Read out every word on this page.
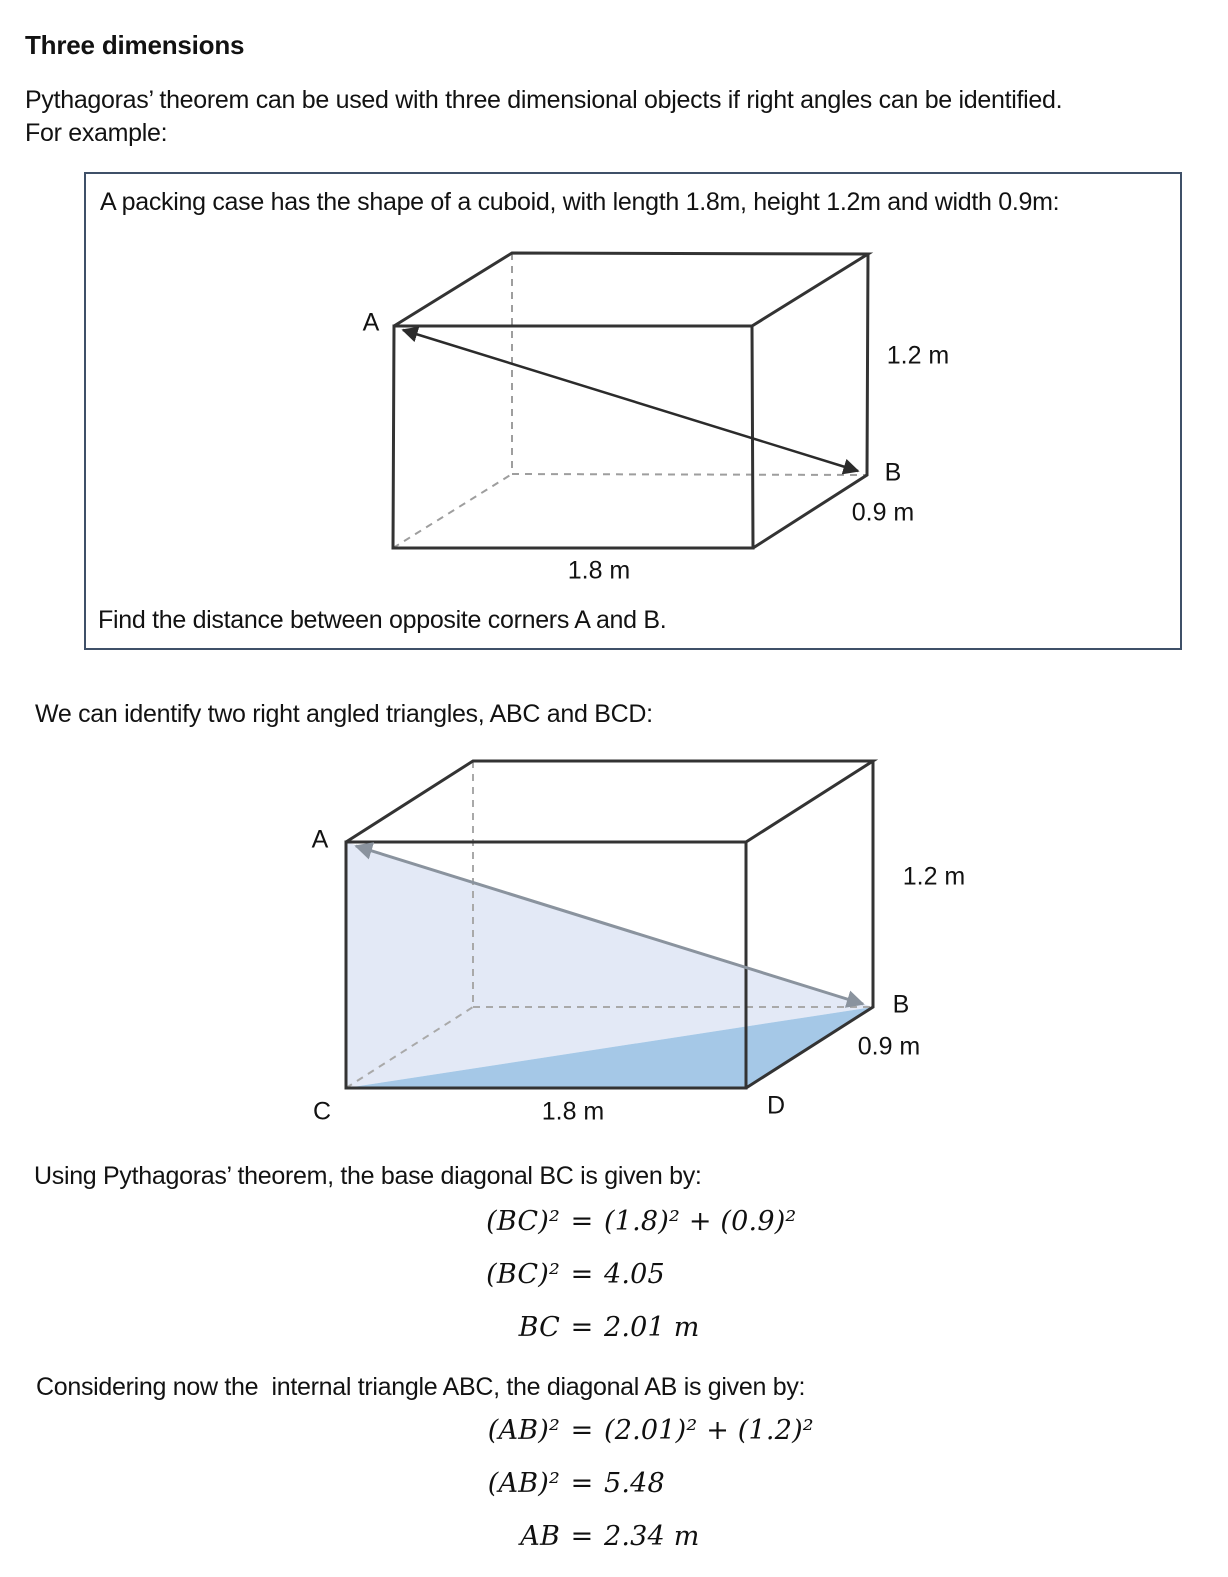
Three dimensions
Pythagoras’ theorem can be used with three dimensional objects if right angles can be identified.
For example:
A packing case has the shape of a cuboid, with length 1.8m, height 1.2m and width 0.9m:
Find the distance between opposite corners A and B.
A
B
1.2 m
0.9 m
1.8 m
We can identify two right angled triangles, ABC and BCD:
A
B
C	D
1.2 m
0.9 m
1.8 m
Using Pythagoras’ theorem, the base diagonal BC is given by:
(BC)² = (1.8)² + (0.9)²
(BC)² = 4.05
BC = 2.01 m
Considering now the  internal triangle ABC, the diagonal AB is given by:
(AB)² = (2.01)² + (1.2)²
(AB)² = 5.48
AB = 2.34 m
